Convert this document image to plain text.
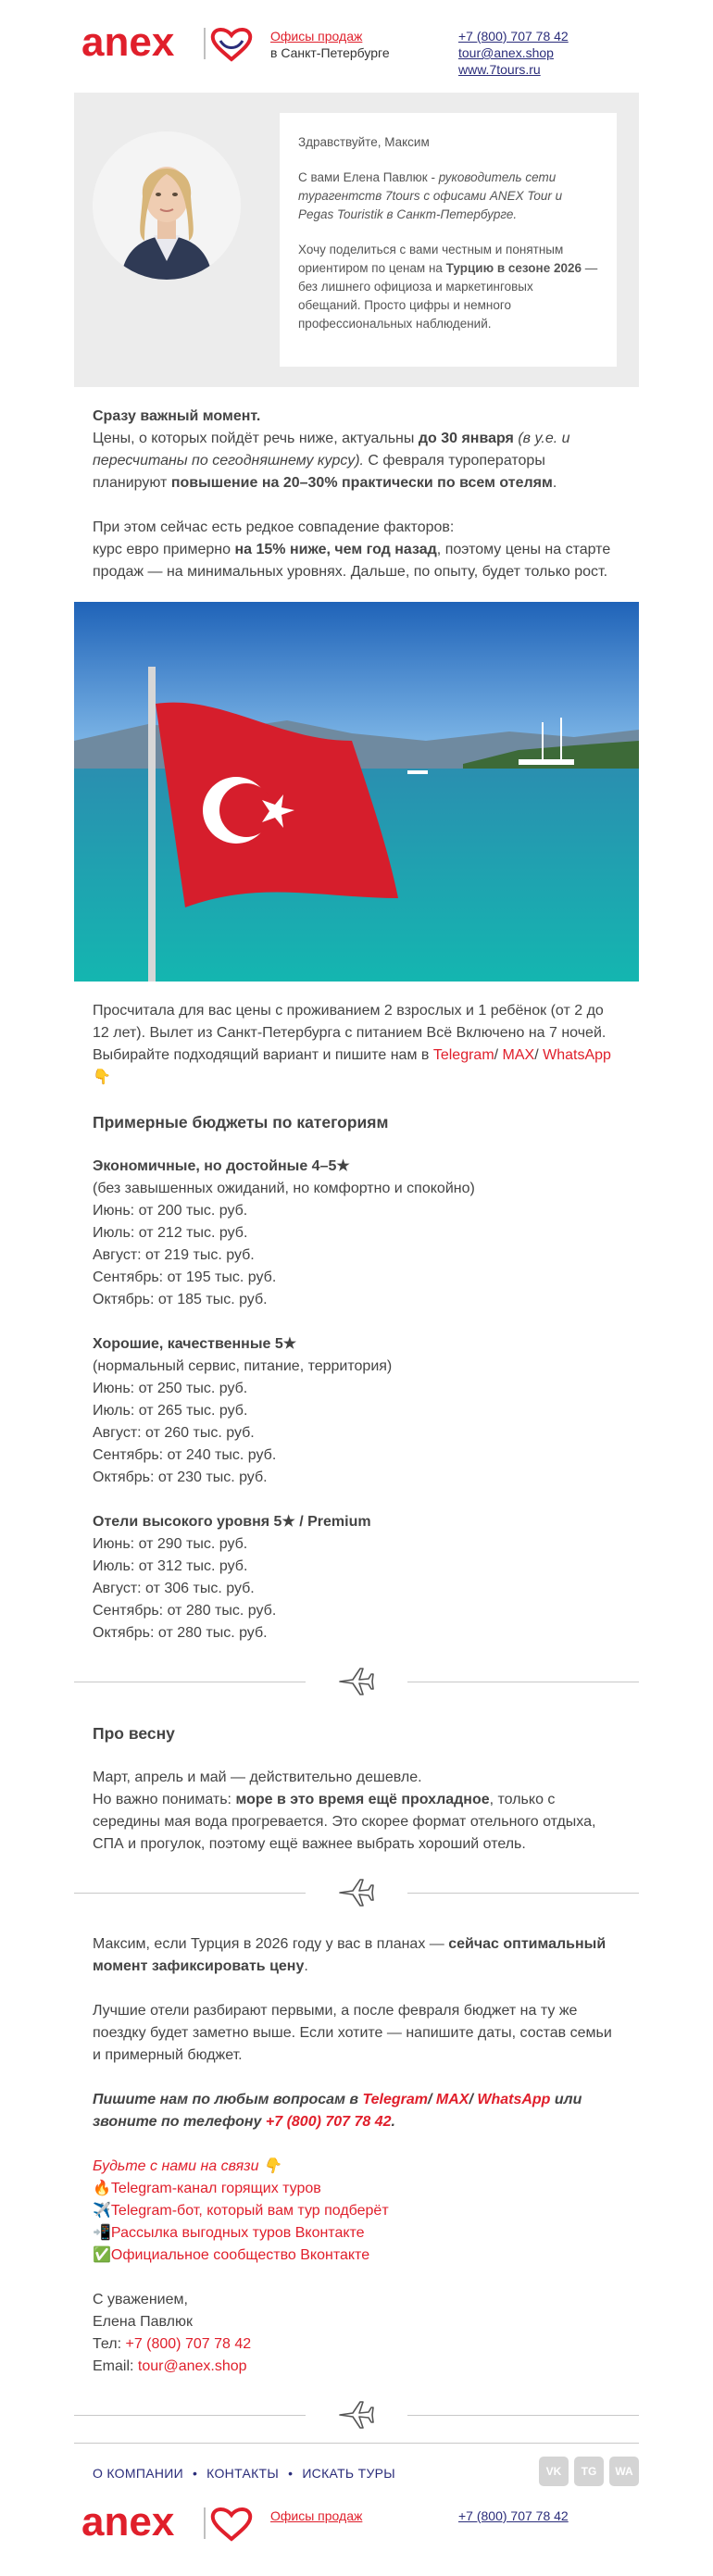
anex	Офисы продаж
в Санкт-Петербурге
+7 (800) 707 78 42
tour@anex.shop
www.7tours.ru

Здравствуйте, Максим

С вами Елена Павлюк - руководитель сети турагентств 7tours с офисами ANEX Tour и Pegas Touristik в Санкт-Петербурге.

Хочу поделиться с вами честным и понятным ориентиром по ценам на Турцию в сезоне 2026 — без лишнего официоза и маркетинговых обещаний. Просто цифры и немного профессиональных наблюдений.

Сразу важный момент.

Цены, о которых пойдёт речь ниже, актуальны до 30 января (в у.е. и пересчитаны по сегодняшнему курсу). С февраля туроператоры планируют повышение на 20–30% практически по всем отелям.

При этом сейчас есть редкое совпадение факторов:
курс евро примерно на 15% ниже, чем год назад, поэтому цены на старте продаж — на минимальных уровнях. Дальше, по опыту, будет только рост.

Просчитала для вас цены с проживанием 2 взрослых и 1 ребёнок (от 2 до 12 лет). Вылет из Санкт-Петербурга с питанием Всё Включено на 7 ночей. Выбирайте подходящий вариант и пишите нам в Telegram/ MAX/ WhatsApp
👇

Примерные бюджеты по категориям

Экономичные, но достойные 4–5★

(без завышенных ожиданий, но комфортно и спокойно)

Июнь: от 200 тыс. руб.

Июль: от 212 тыс. руб.

Август: от 219 тыс. руб.

Сентябрь: от 195 тыс. руб.

Октябрь: от 185 тыс. руб.

Хорошие, качественные 5★

(нормальный сервис, питание, территория)

Июнь: от 250 тыс. руб.

Июль: от 265 тыс. руб.

Август: от 260 тыс. руб.

Сентябрь: от 240 тыс. руб.

Октябрь: от 230 тыс. руб.

Отели высокого уровня 5★ / Premium

Июнь: от 290 тыс. руб.

Июль: от 312 тыс. руб.

Август: от 306 тыс. руб.

Сентябрь: от 280 тыс. руб.

Октябрь: от 280 тыс. руб.

Про весну

Март, апрель и май — действительно дешевле.

Но важно понимать: море в это время ещё прохладное, только с середины мая вода прогревается. Это скорее формат отельного отдыха, СПА и прогулок, поэтому ещё важнее выбрать хороший отель.

Максим, если Турция в 2026 году у вас в планах — сейчас оптимальный момент зафиксировать цену.

Лучшие отели разбирают первыми, а после февраля бюджет на ту же поездку будет заметно выше. Если хотите — напишите даты, состав семьи и примерный бюджет.

Пишите нам по любым вопросам в Telegram/ MAX/ WhatsApp или звоните по телефону +7 (800) 707 78 42.

Будьте с нами на связи 👇

🔥Telegram-канал горящих туров

✈️Telegram-бот, который вам тур подберёт

📲Рассылка выгодных туров Вконтакте

✅Официальное сообщество Вконтакте

С уважением,

Елена Павлюк

Тел: +7 (800) 707 78 42

Email: tour@anex.shop

О КОМПАНИИ • КОНТАКТЫ • ИСКАТЬ ТУРЫ	VK	TG	WA
anex	Офисы продаж	+7 (800) 707 78 42
